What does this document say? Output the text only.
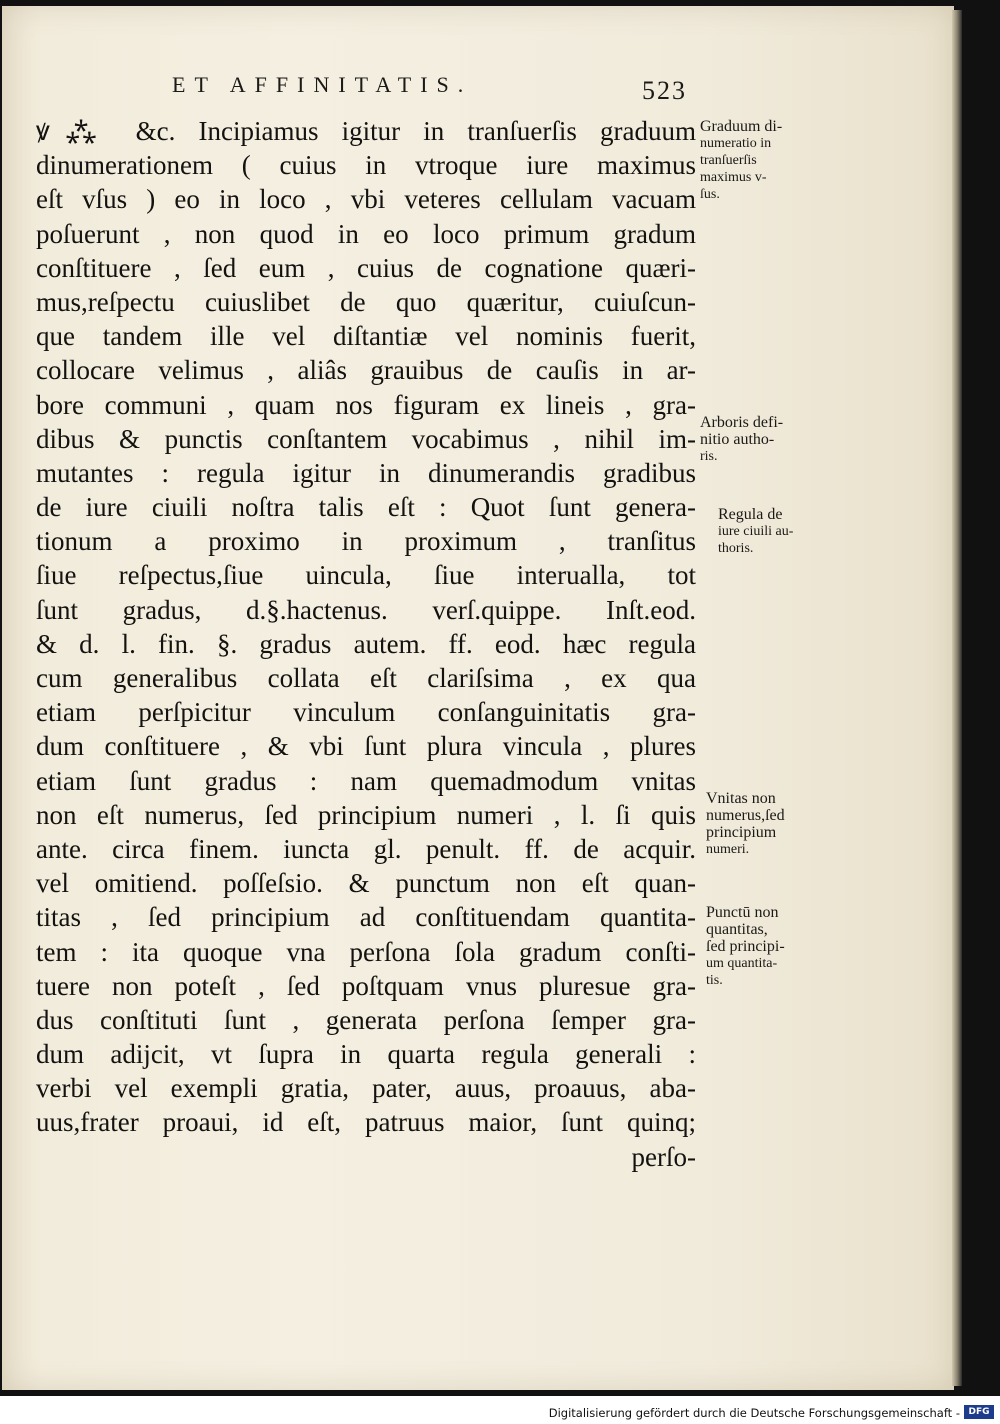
ET AFFINITATIS.	523
ꝟ⁂ &c. Incipiamus igitur in tranſuerſis graduum
dinumerationem ( cuius in vtroque iure maximus
eſt vſus ) eo in loco , vbi veteres cellulam vacuam
poſuerunt , non quod in eo loco primum gradum
conſtituere , ſed eum , cuius de cognatione quæri-
mus,reſpectu cuiuslibet de quo quæritur, cuiuſcun-
que tandem ille vel diſtantiæ vel nominis fuerit,
collocare velimus , aliâs grauibus de cauſis in ar-
bore communi , quam nos figuram ex lineis , gra-
dibus & punctis conſtantem vocabimus , nihil im-
mutantes : regula igitur in dinumerandis gradibus
de iure ciuili noſtra talis eſt : Quot ſunt genera-
tionum a proximo in proximum , tranſitus
ſiue reſpectus,ſiue uincula, ſiue interualla, tot
ſunt gradus, d.§.hactenus. verſ.quippe. Inſt.eod.
& d. l. fin. §. gradus autem. ff. eod. hæc regula
cum generalibus collata eſt clariſsima , ex qua
etiam perſpicitur vinculum conſanguinitatis gra-
dum conſtituere , & vbi ſunt plura vincula , plures
etiam ſunt gradus : nam quemadmodum vnitas
non eſt numerus, ſed principium numeri , l. ſi quis
ante. circa finem. iuncta gl. penult. ff. de acquir.
vel omitiend. poſſeſsio. & punctum non eſt quan-
titas , ſed principium ad conſtituendam quantita-
tem : ita quoque vna perſona ſola gradum conſti-
tuere non poteſt , ſed poſtquam vnus pluresue gra-
dus conſtituti ſunt , generata perſona ſemper gra-
dum adijcit, vt ſupra in quarta regula generali :
verbi vel exempli gratia, pater, auus, proauus, aba-
uus,frater proaui, id eſt, patruus maior, ſunt quinq;
perſo-
Graduum di-
numeratio in
tranſuerſis
maximus v-
ſus.
Arboris defi-
nitio autho-
ris.
Regula de
iure ciuili au-
thoris.
Vnitas non
numerus,ſed
principium
numeri.
Punctū non
quantitas,
ſed principi-
um quantita-
tis.
Digitalisierung gefördert durch die Deutsche Forschungsgemeinschaft - DFG
